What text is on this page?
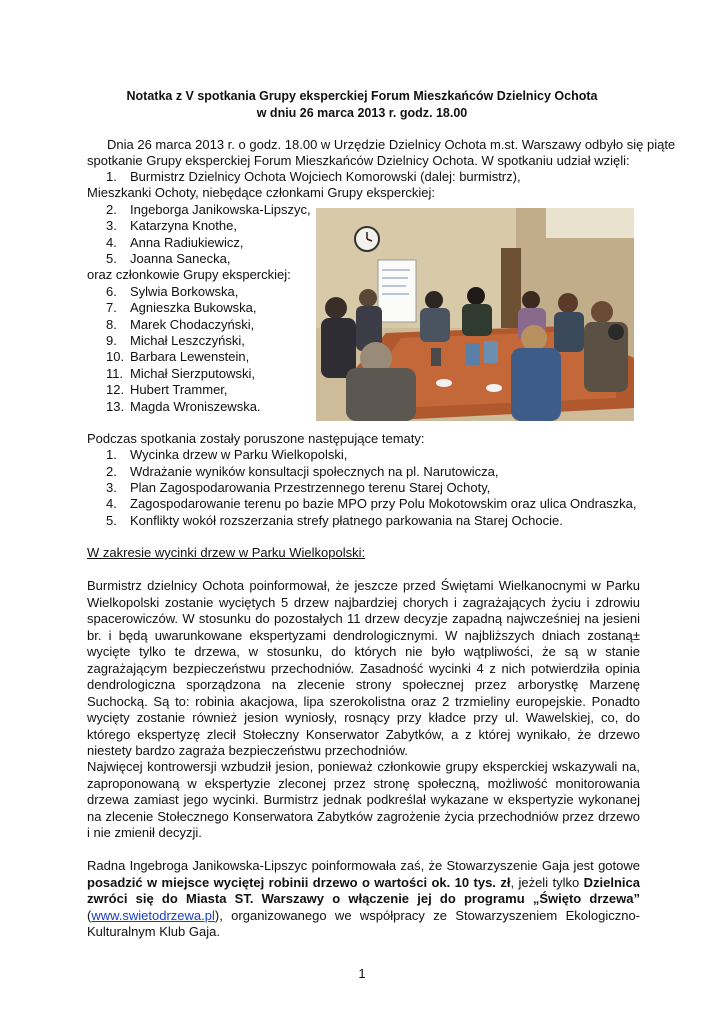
Notatka z V spotkania Grupy eksperckiej Forum Mieszkańców Dzielnicy Ochota
w dniu 26 marca 2013 r. godz. 18.00
Dnia 26 marca 2013 r. o godz. 18.00 w Urzędzie Dzielnicy Ochota m.st. Warszawy odbyło się piąte
spotkanie Grupy eksperckiej Forum Mieszkańców Dzielnicy Ochota. W spotkaniu udział wzięli:
1.	Burmistrz Dzielnicy Ochota Wojciech Komorowski (dalej: burmistrz),
Mieszkanki Ochoty, niebędące członkami Grupy eksperckiej:
2.	Ingeborga Janikowska-Lipszyc,
3.	Katarzyna Knothe,
4.	Anna Radiukiewicz,
5.	Joanna Sanecka,
oraz członkowie Grupy eksperckiej:
6.	Sylwia Borkowska,
7.	Agnieszka Bukowska,
8.	Marek Chodaczyński,
9.	Michał Leszczyński,
10. Barbara Lewenstein,
11. Michał Sierzputowski,
12. Hubert Trammer,
13. Magda Wroniszewska.
Podczas spotkania zostały poruszone następujące tematy:
1.	Wycinka drzew w Parku Wielkopolski,
2.	Wdrażanie wyników konsultacji społecznych na pl. Narutowicza,
3.	Plan Zagospodarowania Przestrzennego terenu Starej Ochoty,
4.	Zagospodarowanie terenu po bazie MPO przy Polu Mokotowskim oraz ulica Ondraszka,
5.	Konflikty wokół rozszerzania strefy płatnego parkowania na Starej Ochocie.
W zakresie wycinki drzew w Parku Wielkopolski:
Burmistrz dzielnicy Ochota poinformował, że jeszcze przed Świętami Wielkanocnymi w Parku Wielkopolski zostanie wyciętych 5 drzew najbardziej chorych i zagrażających życiu i zdrowiu spacerowiczów. W stosunku do pozostałych 11 drzew decyzje zapadną najwcześniej na jesieni br. i będą uwarunkowane ekspertyzami dendrologicznymi. W najbliższych dniach zostaną± wycięte tylko te drzewa, w stosunku, do których nie było wątpliwości, że są w stanie zagrażającym bezpieczeństwu przechodniów. Zasadność wycinki 4 z nich potwierdziła opinia dendrologiczna sporządzona na zlecenie strony społecznej przez arborystkę Marzenę Suchocką. Są to: robinia akacjowa, lipa szerokolistna oraz 2 trzmieliny europejskie. Ponadto wycięty zostanie również jesion wyniosły, rosnący przy kładce przy ul. Wawelskiej, co, do którego ekspertyzę zlecił Stołeczny Konserwator Zabytków, a z której wynikało, że drzewo niestety bardzo zagraża bezpieczeństwu przechodniów.
Najwięcej kontrowersji wzbudził jesion, ponieważ członkowie grupy eksperckiej wskazywali na, zaproponowaną w ekspertyzie zleconej przez stronę społeczną, możliwość monitorowania drzewa zamiast jego wycinki. Burmistrz jednak podkreślał wykazane w ekspertyzie wykonanej na zlecenie Stołecznego Konserwatora Zabytków zagrożenie życia przechodniów przez drzewo i nie zmienił decyzji.
Radna Ingebroga Janikowska-Lipszyc poinformowała zaś, że Stowarzyszenie Gaja jest gotowe posadzić w miejsce wyciętej robinii drzewo o wartości ok. 10 tys. zł, jeżeli tylko Dzielnica zwróci się do Miasta ST. Warszawy o włączenie jej do programu „Święto drzewa” (www.swietodrzewa.pl), organizowanego we współpracy ze Stowarzyszeniem Ekologiczno-Kulturalnym Klub Gaja.
1
